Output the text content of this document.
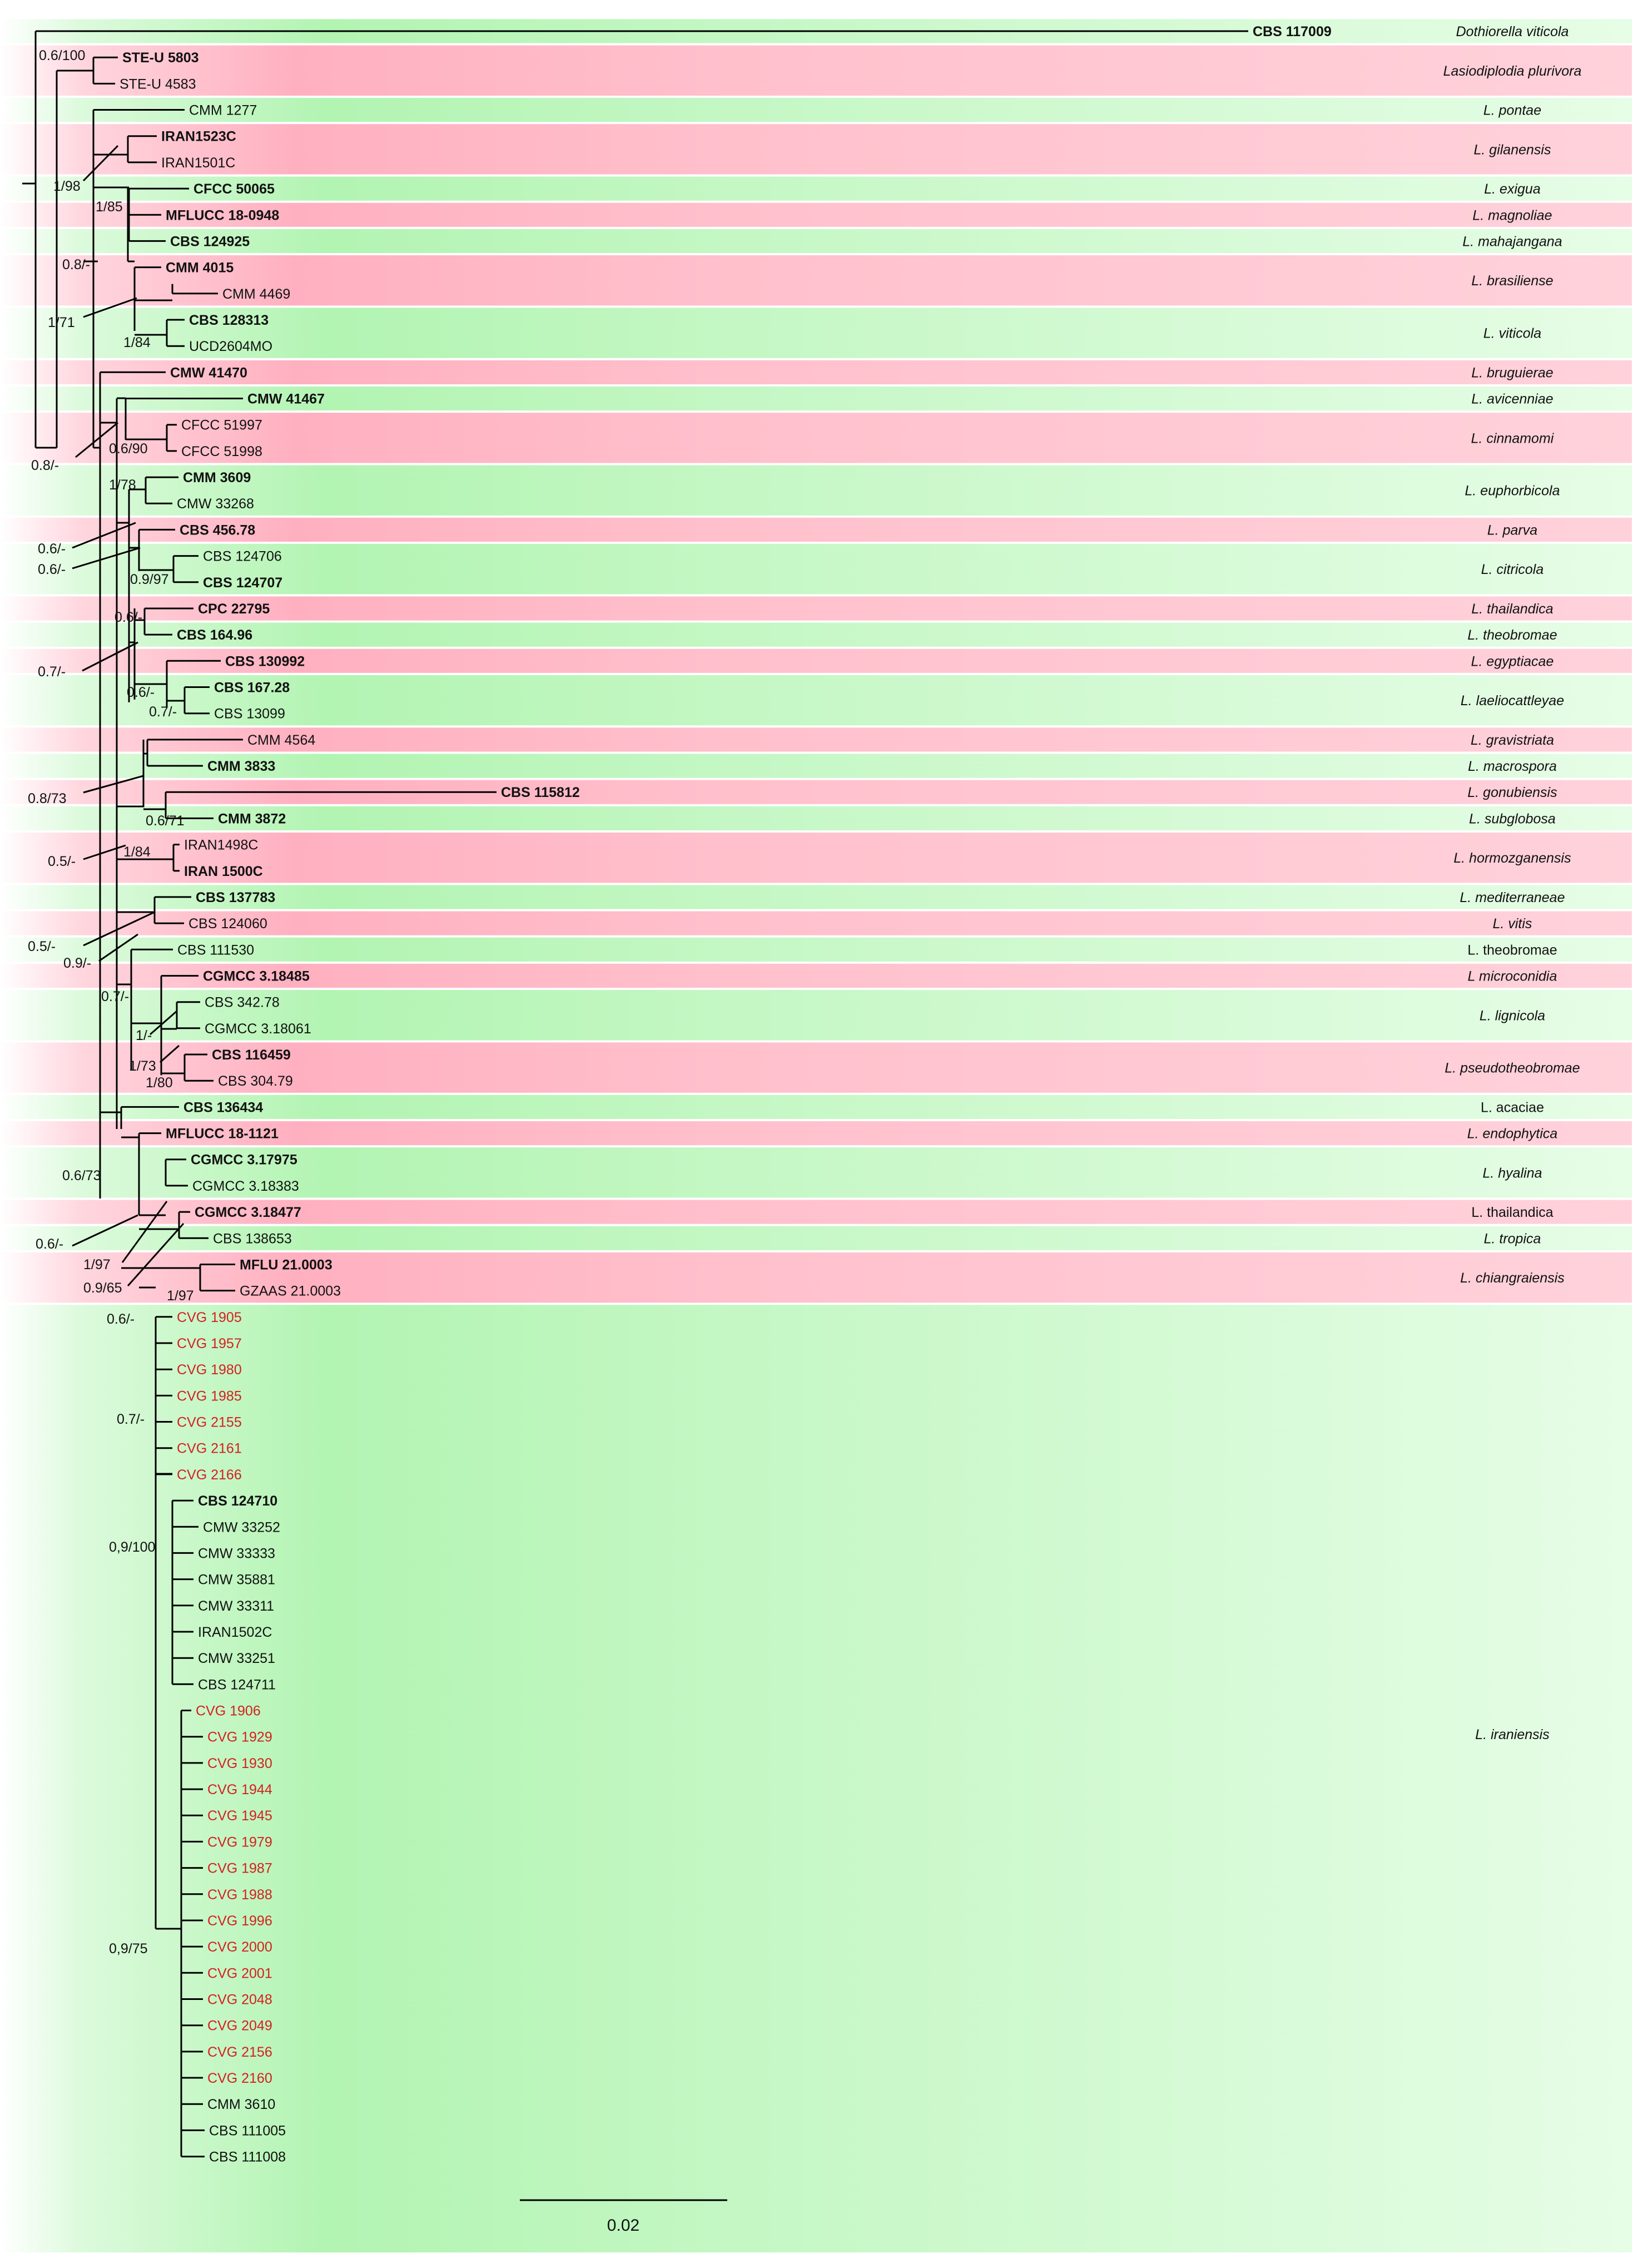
CBS 117009
STE-U 5803
STE-U 4583
CMM 1277
IRAN1523C
IRAN1501C
CFCC 50065
MFLUCC 18-0948
CBS 124925
CMM 4015
CMM 4469
CBS 128313
UCD2604MO
CMW 41470
CMW 41467
CFCC 51997
CFCC 51998
CMM 3609
CMW 33268
CBS 456.78
CBS 124706
CBS 124707
CPC 22795
CBS 164.96
CBS 130992
CBS 167.28
CBS 13099
CMM 4564
CMM 3833
CBS 115812
CMM 3872
IRAN1498C
IRAN 1500C
CBS 137783
CBS 124060
CBS 111530
CGMCC 3.18485
CBS 342.78
CGMCC 3.18061
CBS 116459
CBS 304.79
CBS 136434
MFLUCC 18-1121
CGMCC 3.17975
CGMCC 3.18383
CGMCC 3.18477
CBS 138653
MFLU 21.0003
GZAAS 21.0003
CVG 1905
CVG 1957
CVG 1980
CVG 1985
CVG 2155
CVG 2161
CVG 2166
CBS 124710
CMW 33252
CMW 33333
CMW 35881
CMW 33311
IRAN1502C
CMW 33251
CBS 124711
CVG 1906
CVG 1929
CVG 1930
CVG 1944
CVG 1945
CVG 1979
CVG 1987
CVG 1988
CVG 1996
CVG 2000
CVG 2001
CVG 2048
CVG 2049
CVG 2156
CVG 2160
CMM 3610
CBS 111005
CBS 111008
Dothiorella viticola
Lasiodiplodia plurivora
L. pontae
L. gilanensis
L. exigua
L. magnoliae
L. mahajangana
L. brasiliense
L. viticola
L. bruguierae
L. avicenniae
L. cinnamomi
L. euphorbicola
L. parva
L. citricola
L. thailandica
L. theobromae
L. egyptiacae
L. laeliocattleyae
L. gravistriata
L. macrospora
L. gonubiensis
L. subglobosa
L. hormozganensis
L. mediterraneae
L. vitis
L. theobromae
L microconidia
L. lignicola
L. pseudotheobromae
L. acaciae
L. endophytica
L. hyalina
L. thailandica
L. tropica
L. chiangraiensis
L. iraniensis
0.6/100
1/98
1/85
0.8/-
1/71
1/84
0.8/-
0.6/90
1/78
0.6/-
0.6/-
0.9/97
0.6/-
0.7/-
0.6/-
0.7/-
0.8/73
0.6/71
0.5/-
1/84
0.5/-
0.9/-
0.7/-
1/-
1/73
1/80
0.6/73
0.6/-
1/97
0.9/65	1/97
0.6/-
0.7/-
0,9/100
0,9/75
0.02
